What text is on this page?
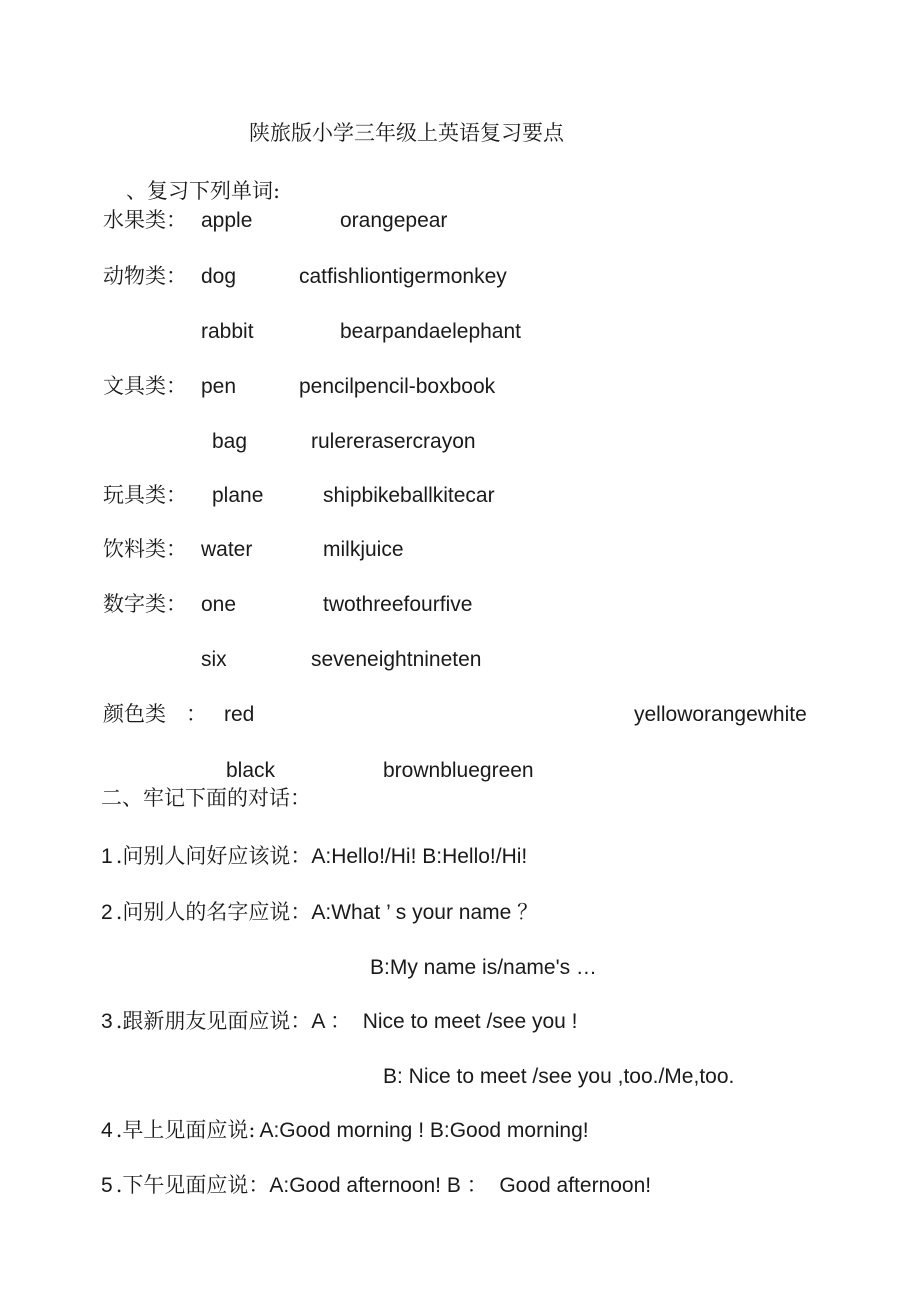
陕旅版小学三年级上英语复习要点
、复习下列单词:
水果类： apple	orangepear
动物类： dog	catfishliontigermonkey
rabbit	bearpandaelephant
文具类： pen	pencilpencil-boxbook
bag	rulererasercrayon
玩具类： plane	shipbikeballkitecar
饮料类： water	milkjuice
数字类： one	twothreefourfive
six	seveneightnineten
颜色类 ： red	yelloworangewhite
black	brownbluegreen
二、牢记下面的对话：
1 .问别人问好应该说：A:Hello!/Hi! B:Hello!/Hi!
2 .问别人的名字应说：A:What ’ s your name ？
B:My name is/name's …
3 .跟新朋友见面应说：A ：  Nice to meet /see you !
B: Nice to meet /see you ,too./Me,too.
4 .早上见面应说: A:Good morning ! B:Good morning!
5 .下午见面应说：A:Good afternoon! B ：  Good afternoon!
